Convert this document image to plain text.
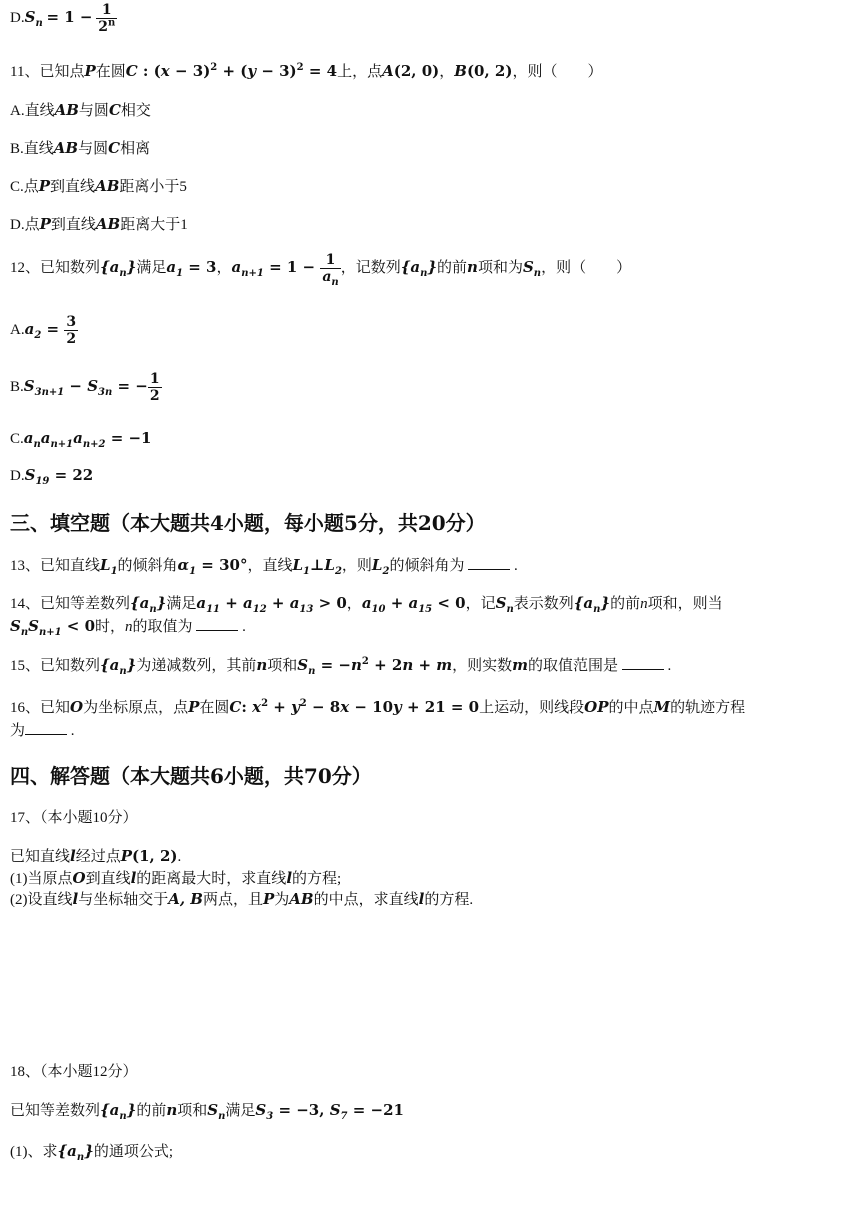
$D.S_n = 1 - \frac{1}{2^n}$
11、已知点P在圆C : $(x - 3)^2 + (y - 3)^2 = 4$上，点A(2, 0)，B(0, 2)，则（　　）
A.直线AB与圆C相交
B.直线AB与圆C相离
C.点P到直线AB距离小于5
D.点P到直线AB距离大于1
12、已知数列$\{a_n\}$满足$a_1 = 3$，$a_{n+1} = 1 - \frac{1}{a_n}$ ，记数列$\{a_n\}$的前n项和为$S_n$，则（　　）
$A.a_2 = \frac{3}{2}$
$B.S_{3n+1} - S_{3n}$ = − $\frac{1}{2}$
$C.a_na_{n+1}a_{n+2} = -1$
$D.S_{19} = 22$
三、填空题（本大题共4小题，每小题5分，共20分）
13、已知直线$L_1$的倾斜角$\alpha_1 = 30^\circ$，直线$L_1\perp L_2$，则$L_2$的倾斜角为	.
14、已知等差数列$\{a_n\}$满足$a_{11} + a_{12} + a_{13} > 0$，$a_{10} + a_{15} < 0$，记$S_n$表示数列$\{a_n\}$的前n项和，则当
$S_nS_{n+1} < 0$时，n的取值为	.
15、已知数列$\{a_n\}$为递减数列，其前n项和$S_n = -n^2 + 2n + m$，则实数m的取值范围是	.
16、已知O为坐标原点，点P在圆C: $x^2 + y^2 - 8x - 10y + 21 = 0$上运动，则线段OP的中点M的轨迹方程
为	.
四、解答题（本大题共6小题，共70分）
17、（本小题10分）
已知直线l经过点P(1, 2).
(1)当原点O到直线l的距离最大时，求直线l的方程;
(2)设直线l与坐标轴交于A, B两点，且P为AB的中点，求直线l的方程.
18、（本小题12分）
已知等差数列$\{a_n\}$的前n项和$S_n$满足$S_3 = -3$, $S_7 = -21$
(1)、求$\{a_n\}$的通项公式;
